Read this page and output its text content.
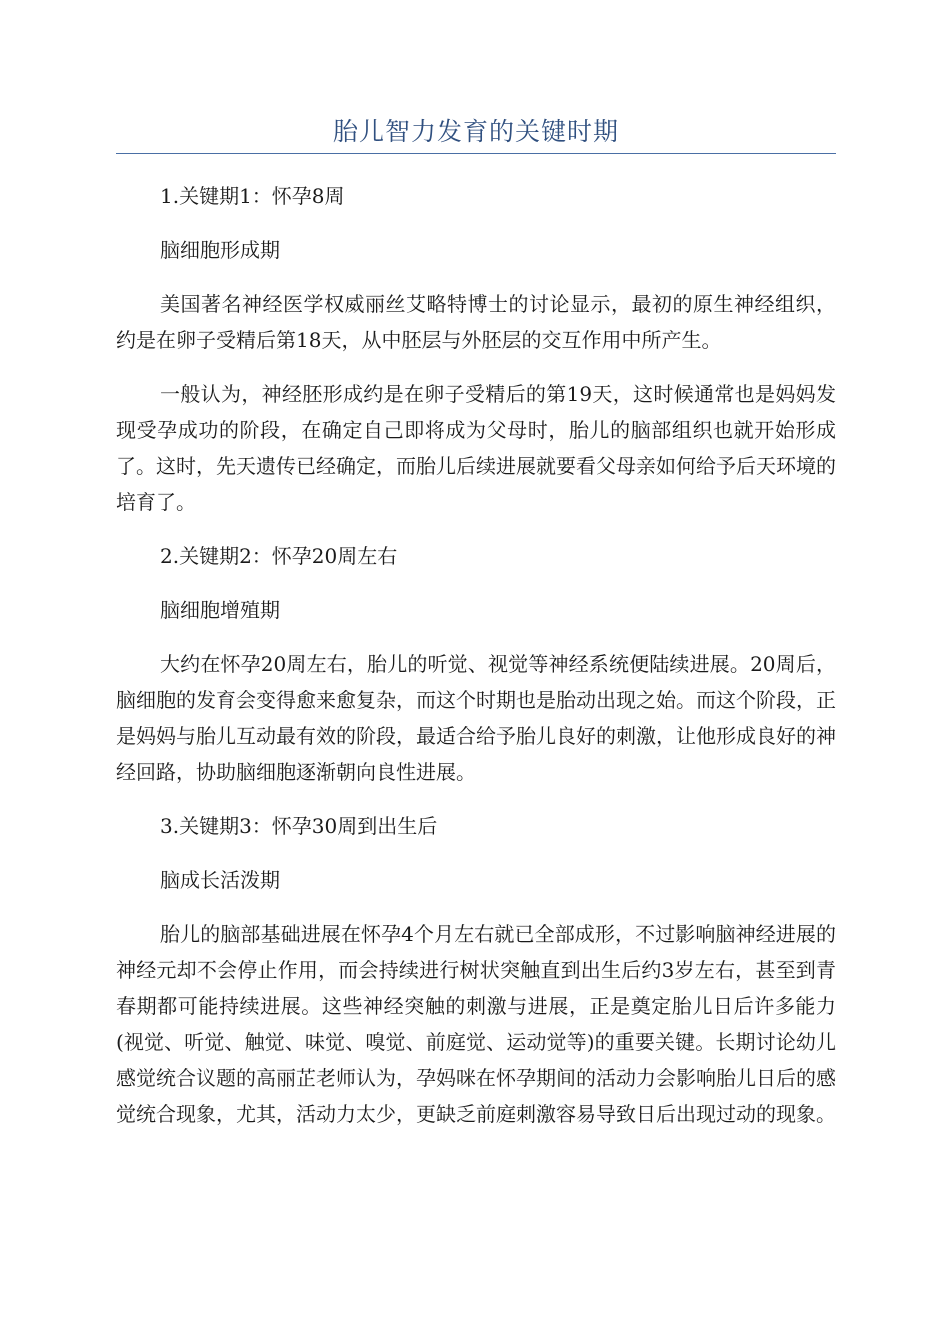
胎儿智力发育的关键时期

1.关键期1：怀孕8周

脑细胞形成期

美国著名神经医学权威丽丝艾略特博士的讨论显示，最初的原生神经组织，约是在卵子受精后第18天，从中胚层与外胚层的交互作用中所产生。

一般认为，神经胚形成约是在卵子受精后的第19天，这时候通常也是妈妈发现受孕成功的阶段，在确定自己即将成为父母时，胎儿的脑部组织也就开始形成了。这时，先天遗传已经确定，而胎儿后续进展就要看父母亲如何给予后天环境的培育了。

2.关键期2：怀孕20周左右

脑细胞增殖期

大约在怀孕20周左右，胎儿的听觉、视觉等神经系统便陆续进展。20周后，脑细胞的发育会变得愈来愈复杂，而这个时期也是胎动出现之始。而这个阶段，正是妈妈与胎儿互动最有效的阶段，最适合给予胎儿良好的刺激，让他形成良好的神经回路，协助脑细胞逐渐朝向良性进展。

3.关键期3：怀孕30周到出生后

脑成长活泼期

胎儿的脑部基础进展在怀孕4个月左右就已全部成形，不过影响脑神经进展的神经元却不会停止作用，而会持续进行树状突触直到出生后约3岁左右，甚至到青春期都可能持续进展。这些神经突触的刺激与进展，正是奠定胎儿日后许多能力(视觉、听觉、触觉、味觉、嗅觉、前庭觉、运动觉等)的重要关键。长期讨论幼儿感觉统合议题的高丽芷老师认为，孕妈咪在怀孕期间的活动力会影响胎儿日后的感觉统合现象，尤其，活动力太少，更缺乏前庭刺激容易导致日后出现过动的现象。
